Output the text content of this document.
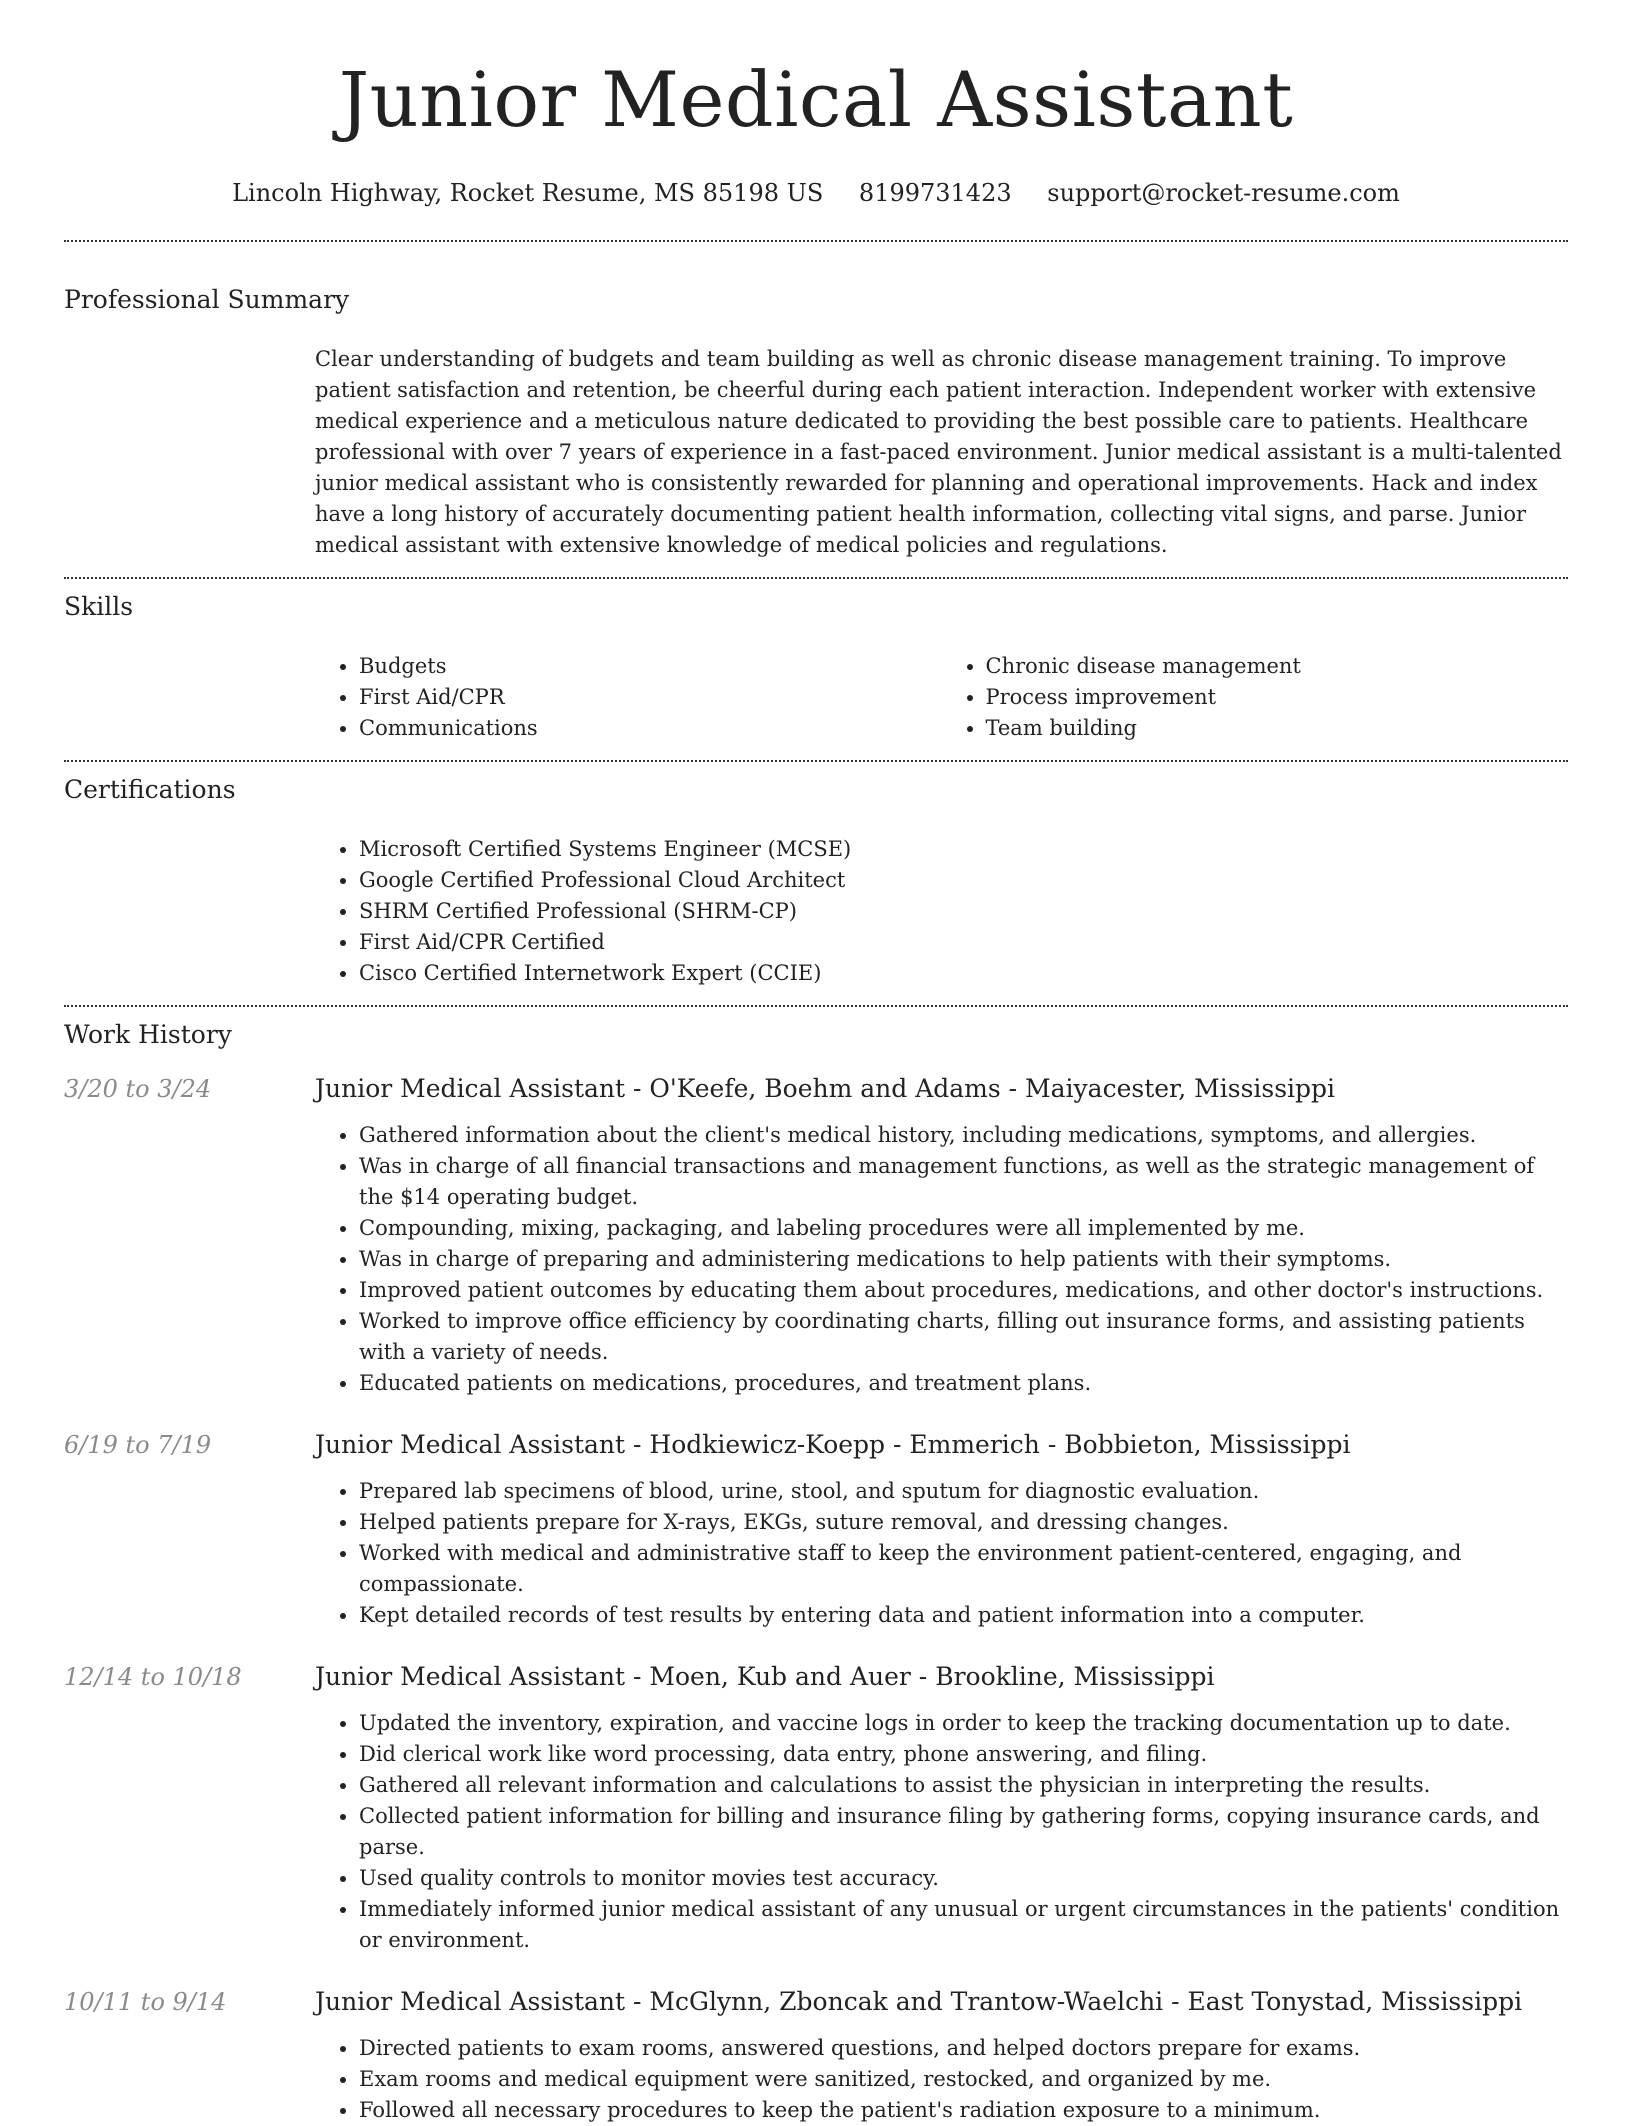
Junior Medical Assistant
Lincoln Highway, Rocket Resume, MS 85198 US 8199731423 support@rocket-resume.com
Professional Summary
Clear understanding of budgets and team building as well as chronic disease management training. To improve patient satisfaction and retention, be cheerful during each patient interaction. Independent worker with extensive medical experience and a meticulous nature dedicated to providing the best possible care to patients. Healthcare professional with over 7 years of experience in a fast-paced environment. Junior medical assistant is a multi-talented junior medical assistant who is consistently rewarded for planning and operational improvements. Hack and index have a long history of accurately documenting patient health information, collecting vital signs, and parse. Junior medical assistant with extensive knowledge of medical policies and regulations.
Skills
• Budgets
• First Aid/CPR
• Communications
• Chronic disease management
• Process improvement
• Team building
Certifications
• Microsoft Certified Systems Engineer (MCSE)
• Google Certified Professional Cloud Architect
• SHRM Certified Professional (SHRM-CP)
• First Aid/CPR Certified
• Cisco Certified Internetwork Expert (CCIE)
Work History
3/20 to 3/24	Junior Medical Assistant - O'Keefe, Boehm and Adams - Maiyacester, Mississippi
• Gathered information about the client's medical history, including medications, symptoms, and allergies.
• Was in charge of all financial transactions and management functions, as well as the strategic management of the $14 operating budget.
• Compounding, mixing, packaging, and labeling procedures were all implemented by me.
• Was in charge of preparing and administering medications to help patients with their symptoms.
• Improved patient outcomes by educating them about procedures, medications, and other doctor's instructions.
• Worked to improve office efficiency by coordinating charts, filling out insurance forms, and assisting patients with a variety of needs.
• Educated patients on medications, procedures, and treatment plans.
6/19 to 7/19	Junior Medical Assistant - Hodkiewicz-Koepp - Emmerich - Bobbieton, Mississippi
• Prepared lab specimens of blood, urine, stool, and sputum for diagnostic evaluation.
• Helped patients prepare for X-rays, EKGs, suture removal, and dressing changes.
• Worked with medical and administrative staff to keep the environment patient-centered, engaging, and compassionate.
• Kept detailed records of test results by entering data and patient information into a computer.
12/14 to 10/18	Junior Medical Assistant - Moen, Kub and Auer - Brookline, Mississippi
• Updated the inventory, expiration, and vaccine logs in order to keep the tracking documentation up to date.
• Did clerical work like word processing, data entry, phone answering, and filing.
• Gathered all relevant information and calculations to assist the physician in interpreting the results.
• Collected patient information for billing and insurance filing by gathering forms, copying insurance cards, and parse.
• Used quality controls to monitor movies test accuracy.
• Immediately informed junior medical assistant of any unusual or urgent circumstances in the patients' condition or environment.
10/11 to 9/14	Junior Medical Assistant - McGlynn, Zboncak and Trantow-Waelchi - East Tonystad, Mississippi
• Directed patients to exam rooms, answered questions, and helped doctors prepare for exams.
• Exam rooms and medical equipment were sanitized, restocked, and organized by me.
• Followed all necessary procedures to keep the patient's radiation exposure to a minimum.
